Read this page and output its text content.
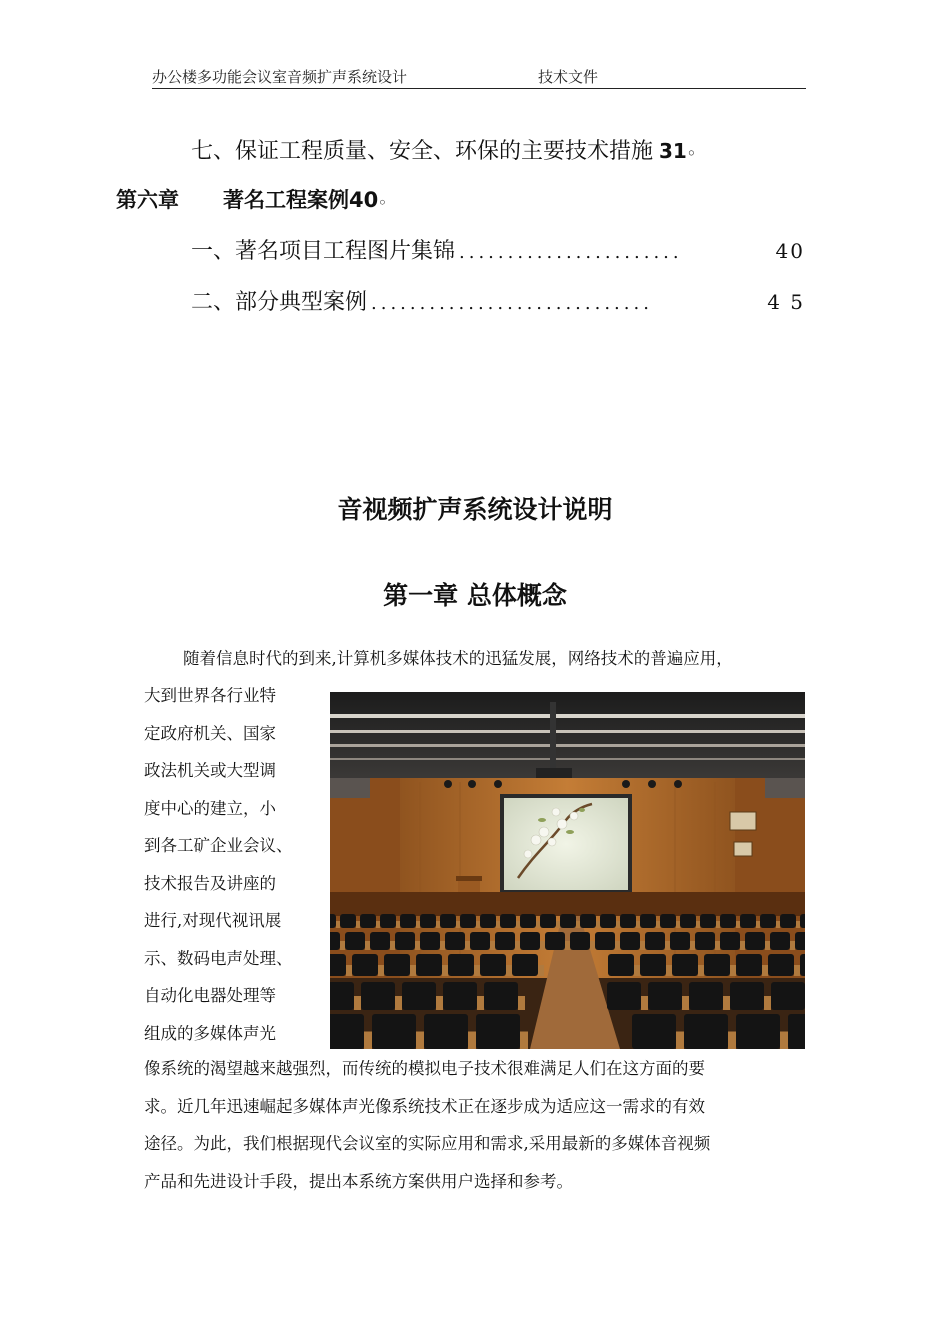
办公楼多功能会议室音频扩声系统设计	技术文件
七、保证工程质量、安全、环保的主要技术措施 31◦
第六章 著名工程案例40◦
一、著名项目工程图片集锦 .......................	40
二、部分典型案例 .............................	4 5
音视频扩声系统设计说明
第一章 总体概念
随着信息时代的到来,计算机多媒体技术的迅猛发展，网络技术的普遍应用，
大到世界各行业特
定政府机关、国家
政法机关或大型调
度中心的建立，小
到各工矿企业会议、
技术报告及讲座的
进行,对现代视讯展
示、数码电声处理、
自动化电器处理等
组成的多媒体声光
像系统的渴望越来越强烈，而传统的模拟电子技术很难满足人们在这方面的要
求。近几年迅速崛起多媒体声光像系统技术正在逐步成为适应这一需求的有效
途径。为此，我们根据现代会议室的实际应用和需求,采用最新的多媒体音视频
产品和先进设计手段，提出本系统方案供用户选择和参考。
